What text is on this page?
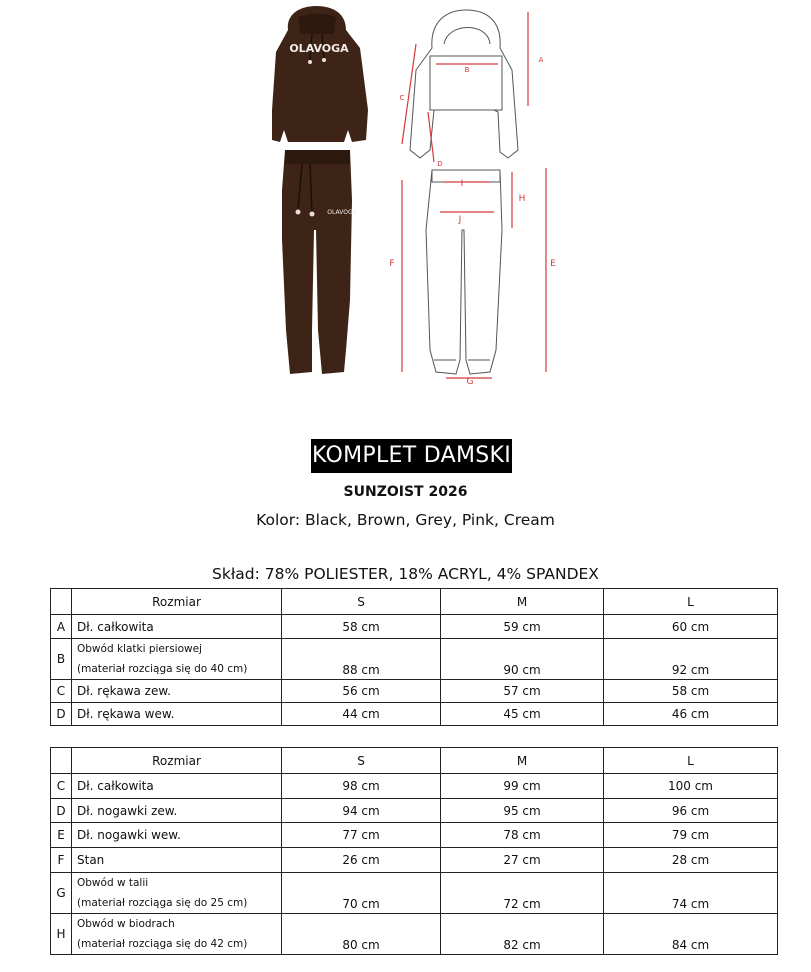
OLAVOGA
OLAVOGA
A
B
C
D
I
H
J
F	E
G
KOMPLET DAMSKI
SUNZOIST 2026
Kolor: Black, Brown, Grey, Pink, Cream
Skład: 78% POLIESTER, 18% ACRYL, 4% SPANDEX
	Rozmiar	S	M	L
A	Dł. całkowita	58 cm	59 cm	60 cm
B	Obwód klatki piersiowej
(materiał rozciąga się do 40 cm)	88 cm	90 cm	92 cm
C	Dł. rękawa zew.	56 cm	57 cm	58 cm
D	Dł. rękawa wew.	44 cm	45 cm	46 cm
	Rozmiar	S	M	L
C	Dł. całkowita	98 cm	99 cm	100 cm
D	Dł. nogawki zew.	94 cm	95 cm	96 cm
E	Dł. nogawki wew.	77 cm	78 cm	79 cm
F	Stan	26 cm	27 cm	28 cm
G	Obwód w talii
(materiał rozciąga się do 25 cm)	70 cm	72 cm	74 cm
H	Obwód w biodrach
(materiał rozciąga się do 42 cm)	80 cm	82 cm	84 cm
